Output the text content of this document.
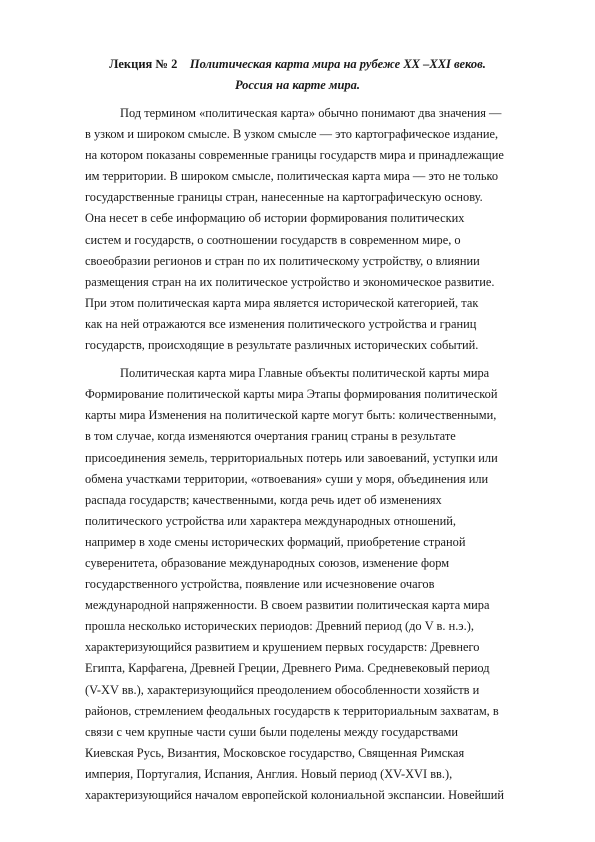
Лекция № 2 Политическая карта мира на рубеже XX –XXI веков.
Россия на карте мира.
Под термином «политическая карта» обычно понимают два значения —
в узком и широком смысле. В узком смысле — это картографическое издание,
на котором показаны современные границы государств мира и принадлежащие
им территории. В широком смысле, политическая карта мира — это не только
государственные границы стран, нанесенные на картографическую основу.
Она несет в себе информацию об истории формирования политических
систем и государств, о соотношении государств в современном мире, о
своеобразии регионов и стран по их политическому устройству, о влиянии
размещения стран на их политическое устройство и экономическое развитие.
При этом политическая карта мира является исторической категорией, так
как на ней отражаются все изменения политического устройства и границ
государств, происходящие в результате различных исторических событий.
Политическая карта мира Главные объекты политической карты мира
Формирование политической карты мира Этапы формирования политической
карты мира Изменения на политической карте могут быть: количественными,
в том случае, когда изменяются очертания границ страны в результате
присоединения земель, территориальных потерь или завоеваний, уступки или
обмена участками территории, «отвоевания» суши у моря, объединения или
распада государств; качественными, когда речь идет об изменениях
политического устройства или характера международных отношений,
например в ходе смены исторических формаций, приобретение страной
суверенитета, образование международных союзов, изменение форм
государственного устройства, появление или исчезновение очагов
международной напряженности. В своем развитии политическая карта мира
прошла несколько исторических периодов: Древний период (до V в. н.э.),
характеризующийся развитием и крушением первых государств: Древнего
Египта, Карфагена, Древней Греции, Древнего Рима. Средневековый период
(V-XV вв.), характеризующийся преодолением обособленности хозяйств и
районов, стремлением феодальных государств к территориальным захватам, в
связи с чем крупные части суши были поделены между государствами
Киевская Русь, Византия, Московское государство, Священная Римская
империя, Португалия, Испания, Англия. Новый период (XV-XVI вв.),
характеризующийся началом европейской колониальной экспансии. Новейший
